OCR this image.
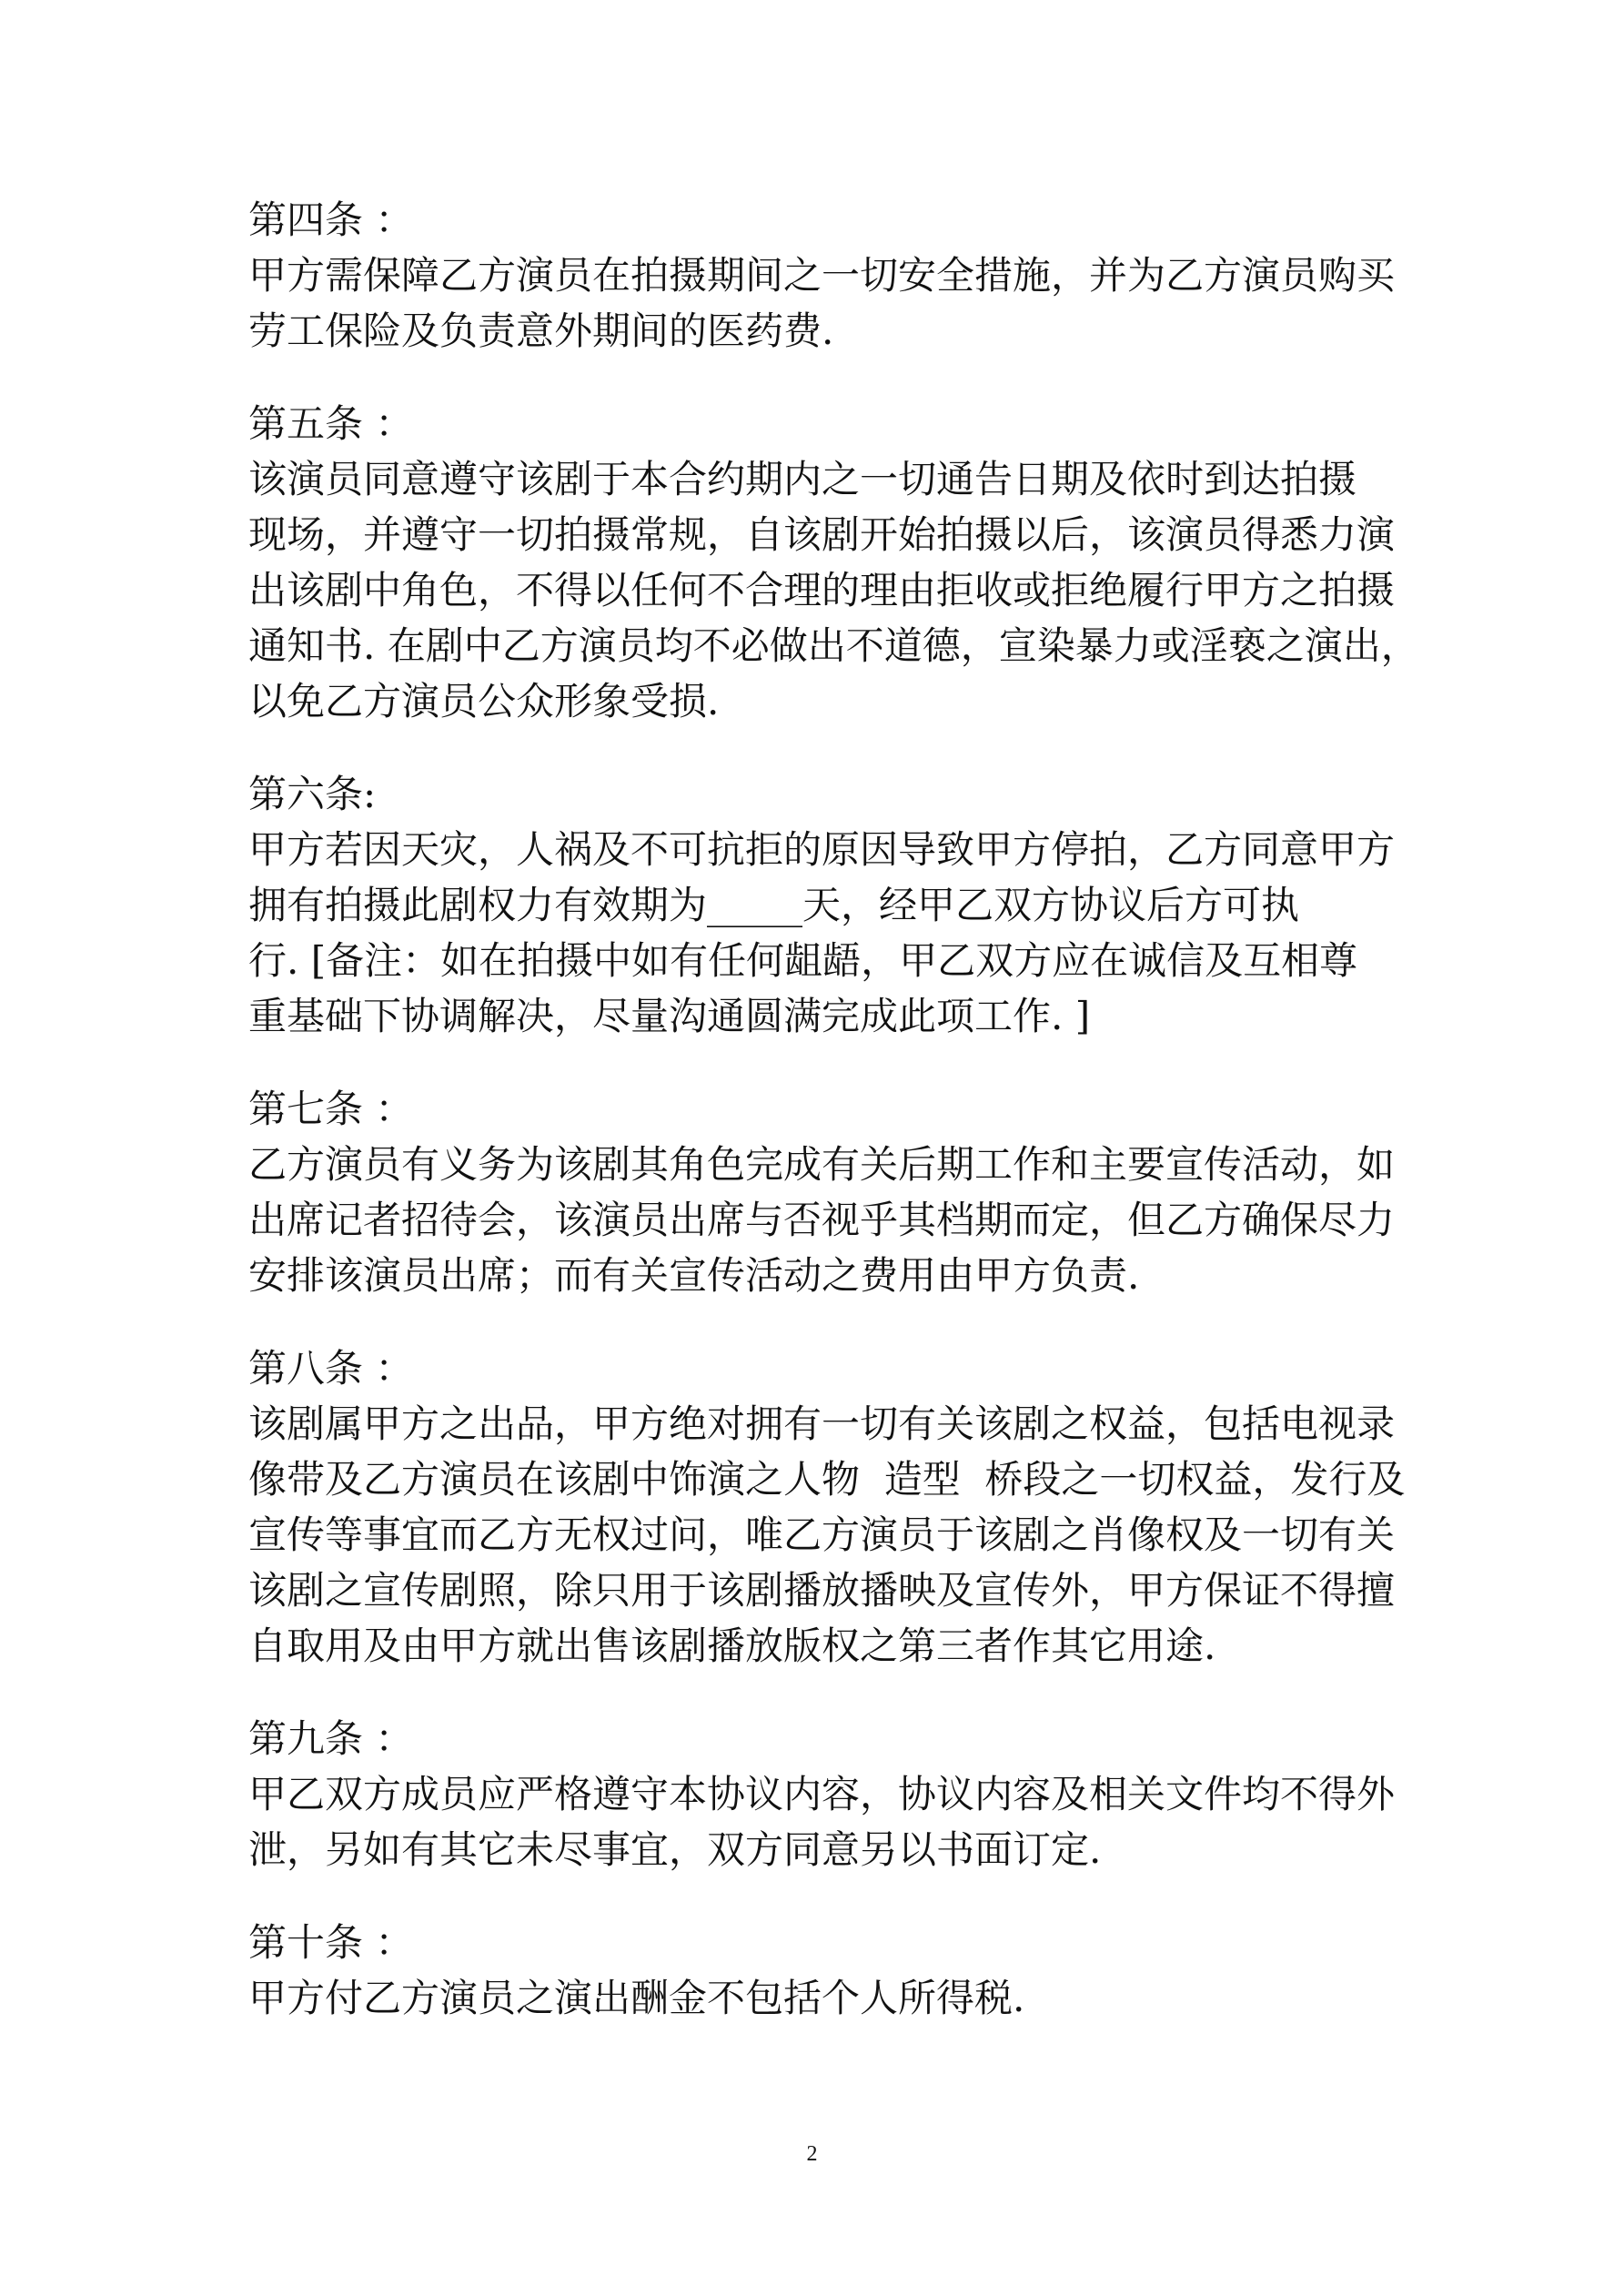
第四条 ：
甲方需保障乙方演员在拍摄期间之一切安全措施，并为乙方演员购买
劳工保险及负责意外期间的医药费.
第五条 ：
该演员同意遵守该剧于本合约期内之一切通告日期及依时到达拍摄
现场，并遵守一切拍摄常规，自该剧开始拍摄以后，该演员得悉力演
出该剧中角色，不得以任何不合理的理由拒收或拒绝履行甲方之拍摄
通知书. 在剧中乙方演员均不必做出不道德，宣染暴力或淫亵之演出，
以免乙方演员公众形象受损.
第六条:
甲方若因天灾，人祸及不可抗拒的原因导致甲方停拍，乙方同意甲方
拥有拍摄此剧权力有效期为_____天，经甲乙双方协议后方可执
行. [备注：如在拍摄中如有任何龃龉，甲乙双方应在诚信及互相尊
重基础下协调解决，尽量沟通圆满完成此项工作. ]
第七条 ：
乙方演员有义务为该剧其角色完成有关后期工作和主要宣传活动，如
出席记者招待会，该演员出席与否视乎其档期而定，但乙方确保尽力
安排该演员出席；而有关宣传活动之费用由甲方负责.
第八条 ：
该剧属甲方之出品，甲方绝对拥有一切有关该剧之权益，包括电视录
像带及乙方演员在该剧中饰演之人物  造型  桥段之一切权益，发行及
宣传等事宜而乙方无权过问，唯乙方演员于该剧之肖像权及一切有关
该剧之宣传剧照，除只用于该剧播放播映及宣传外，甲方保证不得擅
自取用及由甲方就出售该剧播放版权之第三者作其它用途.
第九条 ：
甲乙双方成员应严格遵守本协议内容，协议内容及相关文件均不得外
泄，另如有其它未尽事宜，双方同意另以书面订定.
第十条 ：
甲方付乙方演员之演出酬金不包括个人所得税.
2
